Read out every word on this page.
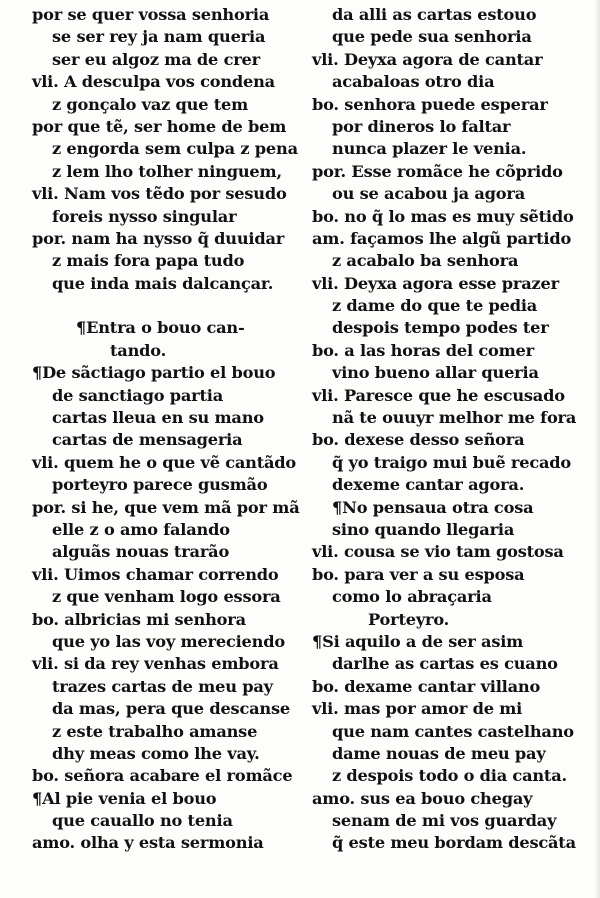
por se quer vossa senhoria
se ser rey ja nam queria
ser eu algoz ma de crer
vli. A desculpa vos condena
z gonçalo vaz que tem
por que tẽ, ser home de bem
z engorda sem culpa z pena
z lem lho tolher ninguem,
vli. Nam vos tẽdo por sesudo
foreis nysso singular
por. nam ha nysso q̃ duuidar
z mais fora papa tudo
que inda mais dalcançar.
¶Entra o bouo can-
tando.
¶De sãctiago partio el bouo
de sanctiago partia
cartas lleua en su mano
cartas de mensageria
vli. quem he o que vẽ cantãdo
porteyro parece gusmão
por. si he, que vem mã por mã
elle z o amo falando
alguãs nouas trarão
vli. Uimos chamar correndo
z que venham logo essora
bo. albricias mi senhora
que yo las voy mereciendo
vli. si da rey venhas embora
trazes cartas de meu pay
da mas, pera que descanse
z este trabalho amanse
dhy meas como lhe vay.
bo. señora acabare el romãce
¶Al pie venia el bouo
que cauallo no tenia
amo. olha y esta sermonia
da alli as cartas estouo
que pede sua senhoria
vli. Deyxa agora de cantar
acabaloas otro dia
bo. senhora puede esperar
por dineros lo faltar
nunca plazer le venia.
por. Esse romãce he cõprido
ou se acabou ja agora
bo. no q̃ lo mas es muy sẽtido
am. façamos lhe algũ partido
z acabalo ba senhora
vli. Deyxa agora esse prazer
z dame do que te pedia
despois tempo podes ter
bo. a las horas del comer
vino bueno allar queria
vli. Paresce que he escusado
nã te ouuyr melhor me fora
bo. dexese desso señora
q̃ yo traigo mui buẽ recado
dexeme cantar agora.
¶No pensaua otra cosa
sino quando llegaria
vli. cousa se vio tam gostosa
bo. para ver a su esposa
como lo abraçaria
Porteyro.
¶Si aquilo a de ser asim
darlhe as cartas es cuano
bo. dexame cantar villano
vli. mas por amor de mi
que nam cantes castelhano
dame nouas de meu pay
z despois todo o dia canta.
amo. sus ea bouo chegay
senam de mi vos guarday
q̃ este meu bordam descãta
